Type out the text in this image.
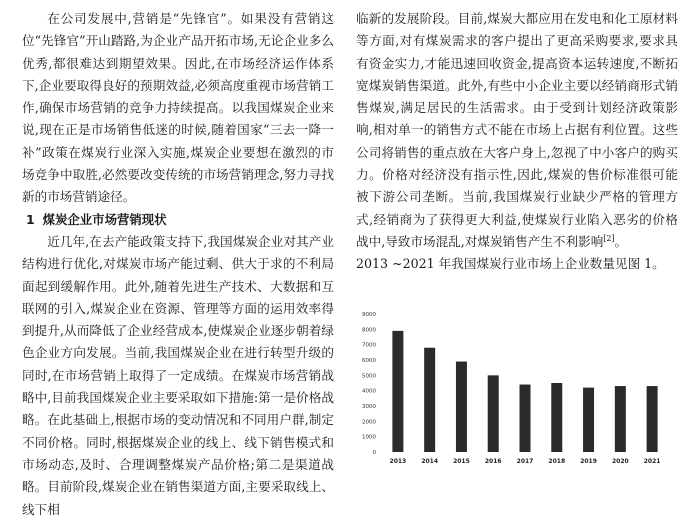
在公司发展中,营销是“先锋官”。如果没有营销这位“先锋官”开山踏路,为企业产品开拓市场,无论企业多么优秀,都很难达到期望效果。因此,在市场经济运作体系下,企业要取得良好的预期效益,必须高度重视市场营销工作,确保市场营销的竞争力持续提高。以我国煤炭企业来说,现在正是市场销售低迷的时候,随着国家“三去一降一补”政策在煤炭行业深入实施,煤炭企业要想在激烈的市场竞争中取胜,必然要改变传统的市场营销理念,努力寻找新的市场营销途径。

1 煤炭企业市场营销现状

近几年,在去产能政策支持下,我国煤炭企业对其产业结构进行优化,对煤炭市场产能过剩、供大于求的不利局面起到缓解作用。此外,随着先进生产技术、大数据和互联网的引入,煤炭企业在资源、管理等方面的运用效率得到提升,从而降低了企业经营成本,使煤炭企业逐步朝着绿色企业方向发展。当前,我国煤炭企业在进行转型升级的同时,在市场营销上取得了一定成绩。在煤炭市场营销战略中,目前我国煤炭企业主要采取如下措施:第一是价格战略。在此基础上,根据市场的变动情况和不同用户群,制定不同价格。同时,根据煤炭企业的线上、线下销售模式和市场动态,及时、合理调整煤炭产品价格;第二是渠道战略。目前阶段,煤炭企业在销售渠道方面,主要采取线上、线下相

临新的发展阶段。目前,煤炭大都应用在发电和化工原材料等方面,对有煤炭需求的客户提出了更高采购要求,要求具有资金实力,才能迅速回收资金,提高资本运转速度,不断拓宽煤炭销售渠道。此外,有些中小企业主要以经销商形式销售煤炭,满足居民的生活需求。由于受到计划经济政策影响,相对单一的销售方式不能在市场上占据有利位置。这些公司将销售的重点放在大客户身上,忽视了中小客户的购买力。价格对经济没有指示性,因此,煤炭的售价标准很可能被下游公司垄断。当前,我国煤炭行业缺少严格的管理方式,经销商为了获得更大利益,使煤炭行业陷入恶劣的价格战中,导致市场混乱,对煤炭销售产生不利影响[2]。

2013 ~2021 年我国煤炭行业市场上企业数量见图 1。

0
1000
2000
3000
4000
5000
6000
7000
8000
9000
2013	2014	2015	2016	2017	2018	2019	2020	2021
